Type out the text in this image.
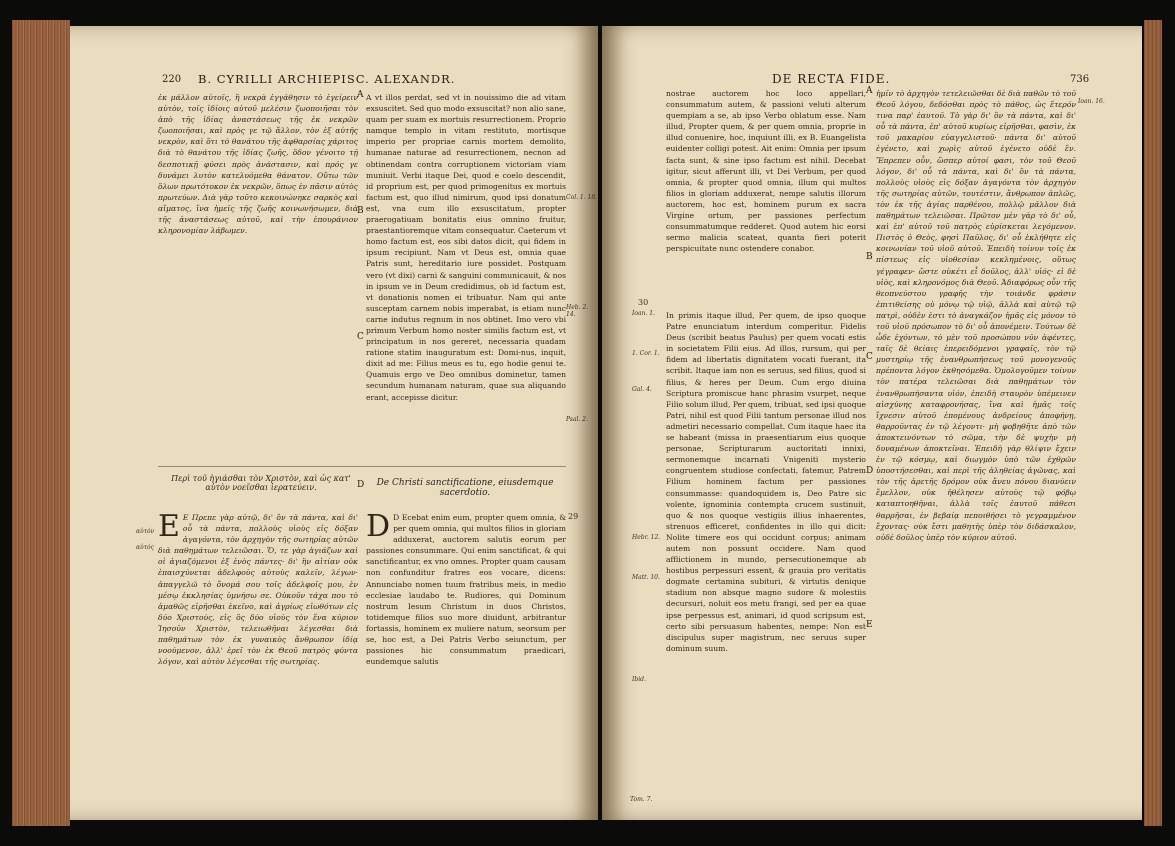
220 B. CYRILLI ARCHIEPISC. ALEXANDR.
ἐκ μάλλον αὐτοῖς, ἢ νεκρὰ ἐγγάθησιν τὸ ἐγείρειν αὐτὸν, τοῖς ἰδίοις αὐτοῦ μελέσιν ζωοποιῆσαι τὸν ἀπὸ τῆς ἰδίας ἀναστάσεως τῆς ἐκ νεκρῶν ζωοποιῆσαι, καὶ πρὸς γε τῷ ἄλλον, τὸν ἐξ αὐτῆς νεκρὸν, καὶ ὅτι τὸ θανάτου τῆς ἀφθαρσίας χάριτος διὰ τὸ θανάτου τῆς ἰδίας ζωῆς, ὅδον γένοιτο τῇ δεσποτικῇ φύσει πρὸς ἀνάστασιν, καὶ πρός γε δυνάμει λυτὸν κατελυόμεθα θάνατον. Οὕτω τῶν ὅλων πρωτότοκον ἐκ νεκρῶν, ὅπως ἐν πᾶσιν αὐτὸς πρωτεύων. Διὰ γὰρ τοῦτο κεκοινώνηκε σαρκὸς καὶ αἵματος, ἵνα ἡμεῖς τῆς ζωῆς κοινωνήσωμεν, διὰ τῆς ἀναστάσεως αὐτοῦ, καὶ τὴν ἐπουράνιον κληρονομίαν λάβωμεν.
A vt illos perdat, sed vt in nouissimo die ad vitam exsuscitet. Sed quo modo exsuscitat? non alio sane, quam per suam ex mortuis resurrectionem. Proprio namque templo in vitam restituto, mortisque imperio per propriae carnis mortem demolito, humanae naturae ad resurrectionem, necnon ad obtinendam contra corruptionem victoriam viam muniuit. Verbi itaque Dei, quod e coelo descendit, id proprium est, per quod primogenitus ex mortuis factum est, quo illud nimirum, quod ipsi donatum est, vna cum illo exsuscitatum, propter praerogatiuam bonitatis eius omnino fruitur, praestantioremque vitam consequatur. Caeterum vt homo factum est, eos sibi datos dicit, qui fidem in ipsum recipiunt. Nam vt Deus est, omnia quae Patris sunt, hereditario iure possidet. Postquam vero (vt dixi) carni & sanguini communicauit, & nos in ipsum ve in Deum credidimus, ob id factum est, vt donationis nomen ei tribuatur. Nam qui ante susceptam carnem nobis imperabat, is etiam nunc carne indutus regnum in nos obtinet. Imo vero vbi primum Verbum homo noster similis factum est, vt principatum in nos gereret, necessaria quadam ratione statim inauguratum est: Domi-nus, inquit, dixit ad me: Filius meus es tu, ego hodie genui te. Quamuis ergo ve Deo omnibus dominetur, tamen secundum humanam naturam, quae sua aliquando erant, accepisse dicitur.
A
B
C
D
Col. 1. 18.
Heb. 2. 14.
Psal. 2.
αὐτόν
αὐτός
Περὶ τοῦ ἡγιάσθαι τὸν Χριστὸν, καὶ ὡς κατ' αὐτὸν νοεῖσθαι ἱερατεύειν.	De Christi sanctificatione, eiusdemque sacerdotio.
Ε Ε Πρεπε γὰρ αὐτῷ, δι' ὃν τὰ πάντα, καὶ δι' οὗ τὰ πάντα, πολλοὺς υἱοὺς εἰς δόξαν ἀγαγόντα, τὸν ἀρχηγὸν τῆς σωτηρίας αὐτῶν διὰ παθημάτων τελειῶσαι. Ὅ, τε γὰρ ἁγιάζων καὶ οἱ ἁγιαζόμενοι ἐξ ἑνὸς πάντες· δι' ἣν αἰτίαν οὐκ ἐπαισχύνεται ἀδελφοὺς αὐτοὺς καλεῖν, λέγων· ἀπαγγελῶ τὸ ὄνομά σου τοῖς ἀδελφοῖς μου, ἐν μέσῳ ἐκκλησίας ὑμνήσω σε. Οὐκοῦν τάχα που τὸ ἀμαθῶς εἰρῆσθαι ἐκεῖνο, καὶ ἀγρίως εἰωθότων εἰς δύο Χριστοὺς, εἰς ὃς δύο υἱοὺς τὸν ἕνα κύριον Ἰησοῦν Χριστὸν, τελειωθῆναι λέγεσθαι διὰ παθημάτων τὸν ἐκ γυναικὸς ἄνθρωπον ἰδίᾳ νοούμενον, ἀλλ' ἐρεῖ τὸν ἐκ Θεοῦ πατρὸς φύντα λόγον, καὶ αὐτὸν λέγεσθαι τῆς σωτηρίας.
D D Ecebat enim eum, propter quem omnia, & per quem omnia, qui multos filios in gloriam adduxerat, auctorem salutis eorum per passiones consummare. Qui enim sanctificat, & qui sanctificantur, ex vno omnes. Propter quam causam non confunditur fratres eos vocare, dicens: Annunciabo nomen tuum fratribus meis, in medio ecclesiae laudabo te. Rudiores, qui Dominum nostrum Iesum Christum in duos Christos, totidemque filios suo more diuidunt, arbitrantur fortassis, hominem ex muliere natum, seorsum per se, hoc est, a Dei Patris Verbo seiunctum, per passiones hic consummatum praedicari, eundemque salutis
29
DE RECTA FIDE.	736
nostrae auctorem hoc loco appellari, consummatum autem, & passioni veluti alterum quempiam a se, ab ipso Verbo oblatum esse. Nam illud, Propter quem, & per quem omnia, proprie in illud conuenire, hoc, inquiunt illi, ex B. Euangelista euidenter colligi potest. Ait enim: Omnia per ipsum facta sunt, & sine ipso factum est nihil. Decebat igitur, sicut afferunt illi, vt Dei Verbum, per quod omnia, & propter quod omnia, illum qui multos filios in gloriam adduxerat, nempe salutis illorum auctorem, hoc est, hominem purum ex sacra Virgine ortum, per passiones perfectum consummatumque redderet. Quod autem hic eorsi sermo malicia scateat, quanta fieri poterit perspicuitate nunc ostendere conabor.
In primis itaque illud, Per quem, de ipso quoque Patre enunciatum interdum comperitur. Fidelis Deus (scribit beatus Paulus) per quem vocati estis in societatem Filii eius. Ad illos, rursum, qui per fidem ad libertatis dignitatem vocati fuerant, ita scribit. Itaque iam non es seruus, sed filius, quod si filius, & heres per Deum. Cum ergo diuina Scriptura promiscue hanc phrasim vsurpet, neque Filio solum illud, Per quem, tribuat, sed ipsi quoque Patri, nihil est quod Filii tantum personae illud nos admetiri necessario compellat. Cum itaque haec ita se habeant (missa in praesentiarum eius quoque personae, Scripturarum auctoritati innixi, sermonemque incarnati Vnigeniti mysterio congruentem studiose confectati, fatemur, Patrem Filium hominem factum per passiones consummasse: quandoquidem is, Deo Patre sic volente, ignominia contempta crucem sustinuit, quo & nos quoque vestigiis illius inhaerentes, strenuos efficeret, confidentes in illo qui dicit: Nolite timere eos qui occidunt corpus; animam autem non possunt occidere. Nam quod afflictionem in mundo, persecutionemque ab hostibus perpessuri essent, & grauia pro veritatis dogmate certamina subituri, & virtutis denique stadium non absque magno sudore & molestiis decursuri, noluit eos metu frangi, sed per ea quae ipse perpessus est, animari, id quod scripsum est, certo sibi persuasum habentes, nempe: Non est discipulus super magistrum, nec seruus super dominum suum.
ἡμῖν τὸ ἀρχηγὸν τετελειῶσθαι δὲ διὰ παθῶν τὸ τοῦ Θεοῦ λόγου, δεδόσθαι πρὸς τὸ πάθος, ὡς ἕτερόν τινα παρ' ἑαυτοῦ. Τὸ γὰρ δι' ὃν τὰ πάντα, καὶ δι' οὗ τὰ πάντα, ἐπ' αὐτοῦ κυρίως εἰρῆσθαι, φασὶν, ἐκ τοῦ μακαρίου εὐαγγελιστοῦ· πάντα δι' αὐτοῦ ἐγένετο, καὶ χωρὶς αὐτοῦ ἐγένετο οὐδὲ ἕν. Ἔπρεπεν οὖν, ὥσπερ αὐτοί φασι, τὸν τοῦ Θεοῦ λόγον, δι' οὗ τὰ πάντα, καὶ δι' ὃν τὰ πάντα, πολλοὺς υἱοὺς εἰς δόξαν ἀγαγόντα τὸν ἀρχηγὸν τῆς σωτηρίας αὐτῶν, τουτέστιν, ἄνθρωπον ἁπλῶς, τὸν ἐκ τῆς ἁγίας παρθένου, πολλῷ μᾶλλον διὰ παθημάτων τελειῶσαι. Πρῶτον μὲν γὰρ τὸ δι' οὗ, καὶ ἐπ' αὐτοῦ τοῦ πατρὸς εὑρίσκεται λεγόμενον. Πιστὸς ὁ Θεὸς, φησὶ Παῦλος, δι' οὗ ἐκλήθητε εἰς κοινωνίαν τοῦ υἱοῦ αὐτοῦ. Ἐπειδὴ τοίνυν τοῖς ἐκ πίστεως εἰς υἱοθεσίαν κεκλημένοις, οὕτως γέγραφεν· ὥστε οὐκέτι εἶ δοῦλος, ἀλλ' υἱός· εἰ δὲ υἱὸς, καὶ κληρονόμος διὰ Θεοῦ. Ἀδιαφόρως οὖν τῆς θεοπνεύστου γραφῆς τὴν τοιάνδε φράσιν ἐπιτιθείσης οὐ μόνῳ τῷ υἱῷ, ἀλλὰ καὶ αὐτῷ τῷ πατρὶ, οὐδὲν ἐστι τὸ ἀναγκάζον ἡμᾶς εἰς μόνον τὸ τοῦ υἱοῦ πρόσωπον τὸ δι' οὗ ἀπονέμειν. Τούτων δὲ ὧδε ἐχόντων, τὸ μὲν τοῦ προσώπου νῦν ἀφέντες, ταῖς δὲ θείαις ἐπερειδόμενοι γραφαῖς, τὸν τῷ μυστηρίῳ τῆς ἐνανθρωπήσεως τοῦ μονογενοῦς πρέποντα λόγον ἐκθησόμεθα. Ὁμολογοῦμεν τοίνυν τὸν πατέρα τελειῶσαι διὰ παθημάτων τὸν ἐνανθρωπήσαντα υἱόν, ἐπειδὴ σταυρὸν ὑπέμεινεν αἰσχύνης καταφρονήσας, ἵνα καὶ ἡμᾶς τοῖς ἴχνεσιν αὐτοῦ ἑπομένους ἀνδρείους ἀποφήνῃ, θαρροῦντας ἐν τῷ λέγοντι· μὴ φοβηθῆτε ἀπὸ τῶν ἀποκτεινόντων τὸ σῶμα, τὴν δὲ ψυχὴν μὴ δυναμένων ἀποκτεῖναι. Ἐπειδὴ γὰρ θλίψιν ἔχειν ἐν τῷ κόσμῳ, καὶ διωγμὸν ὑπὸ τῶν ἐχθρῶν ὑποστήσεσθαι, καὶ περὶ τῆς ἀληθείας ἀγῶνας, καὶ τὸν τῆς ἀρετῆς δρόμον οὐκ ἄνευ πόνου διανύειν ἔμελλον, οὐκ ἠθέλησεν αὐτοὺς τῷ φόβῳ καταπτοηθῆναι, ἀλλὰ τοῖς ἑαυτοῦ πάθεσι θαρρῆσαι, ἐν βεβαίᾳ πεποιθήσει τὸ γεγραμμένον ἔχοντας· οὐκ ἔστι μαθητὴς ὑπὲρ τὸν διδάσκαλον, οὐδὲ δοῦλος ὑπὲρ τὸν κύριον αὐτοῦ.
A
B
C
D
E
30
Ioan. 1.
1. Cor. 1.
Gal. 4.
Hebr. 12.
Matt. 10.
Ibid.
Ioan. 16.
Tom. 7.
